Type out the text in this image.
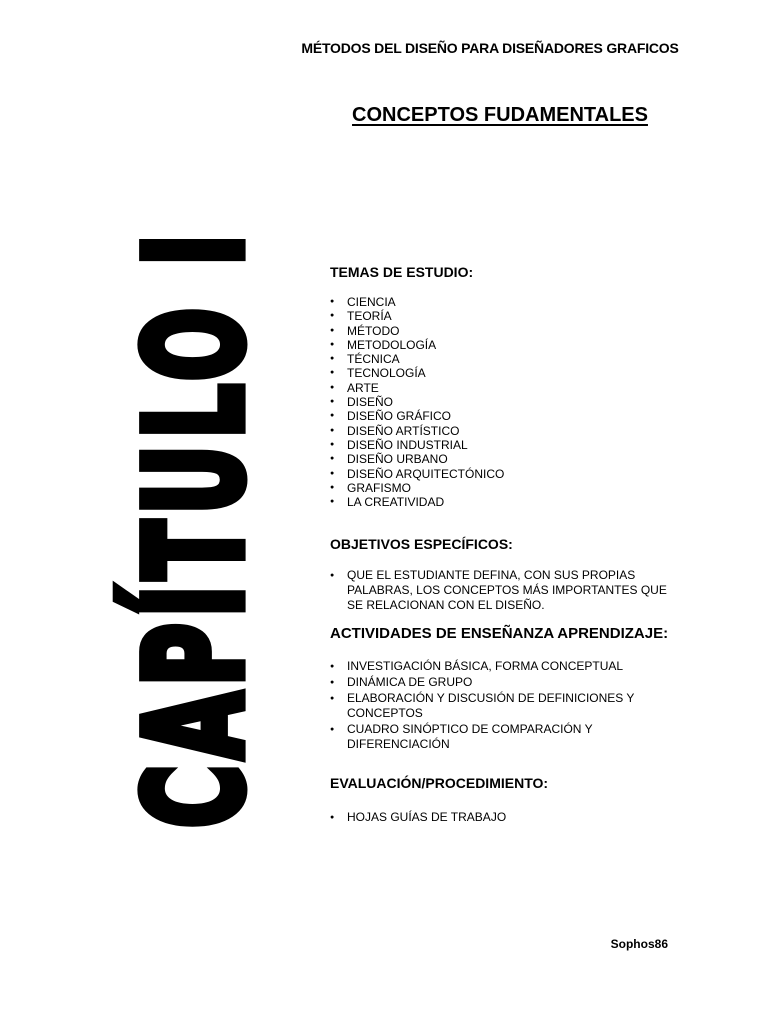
MÉTODOS DEL DISEÑO PARA DISEÑADORES GRAFICOS
CONCEPTOS FUDAMENTALES
CAPÍTULO I	TEMAS DE ESTUDIO:
● CIENCIA
● TEORÍA
● MÉTODO
● METODOLOGÍA
● TÉCNICA
● TECNOLOGÍA
● ARTE
● DISEÑO
● DISEÑO GRÁFICO
● DISEÑO ARTÍSTICO
● DISEÑO INDUSTRIAL
● DISEÑO URBANO
● DISEÑO ARQUITECTÓNICO
● GRAFISMO
● LA CREATIVIDAD
OBJETIVOS ESPECÍFICOS:
● QUE EL ESTUDIANTE DEFINA, CON SUS PROPIAS PALABRAS, LOS CONCEPTOS MÁS IMPORTANTES QUE SE RELACIONAN CON EL DISEÑO.
ACTIVIDADES DE ENSEÑANZA APRENDIZAJE:
● INVESTIGACIÓN BÁSICA, FORMA CONCEPTUAL
● DINÁMICA DE GRUPO
● ELABORACIÓN Y DISCUSIÓN DE DEFINICIONES Y CONCEPTOS
● CUADRO SINÓPTICO DE COMPARACIÓN Y DIFERENCIACIÓN
EVALUACIÓN/PROCEDIMIENTO:
● HOJAS GUÍAS DE TRABAJO
Sophos86
